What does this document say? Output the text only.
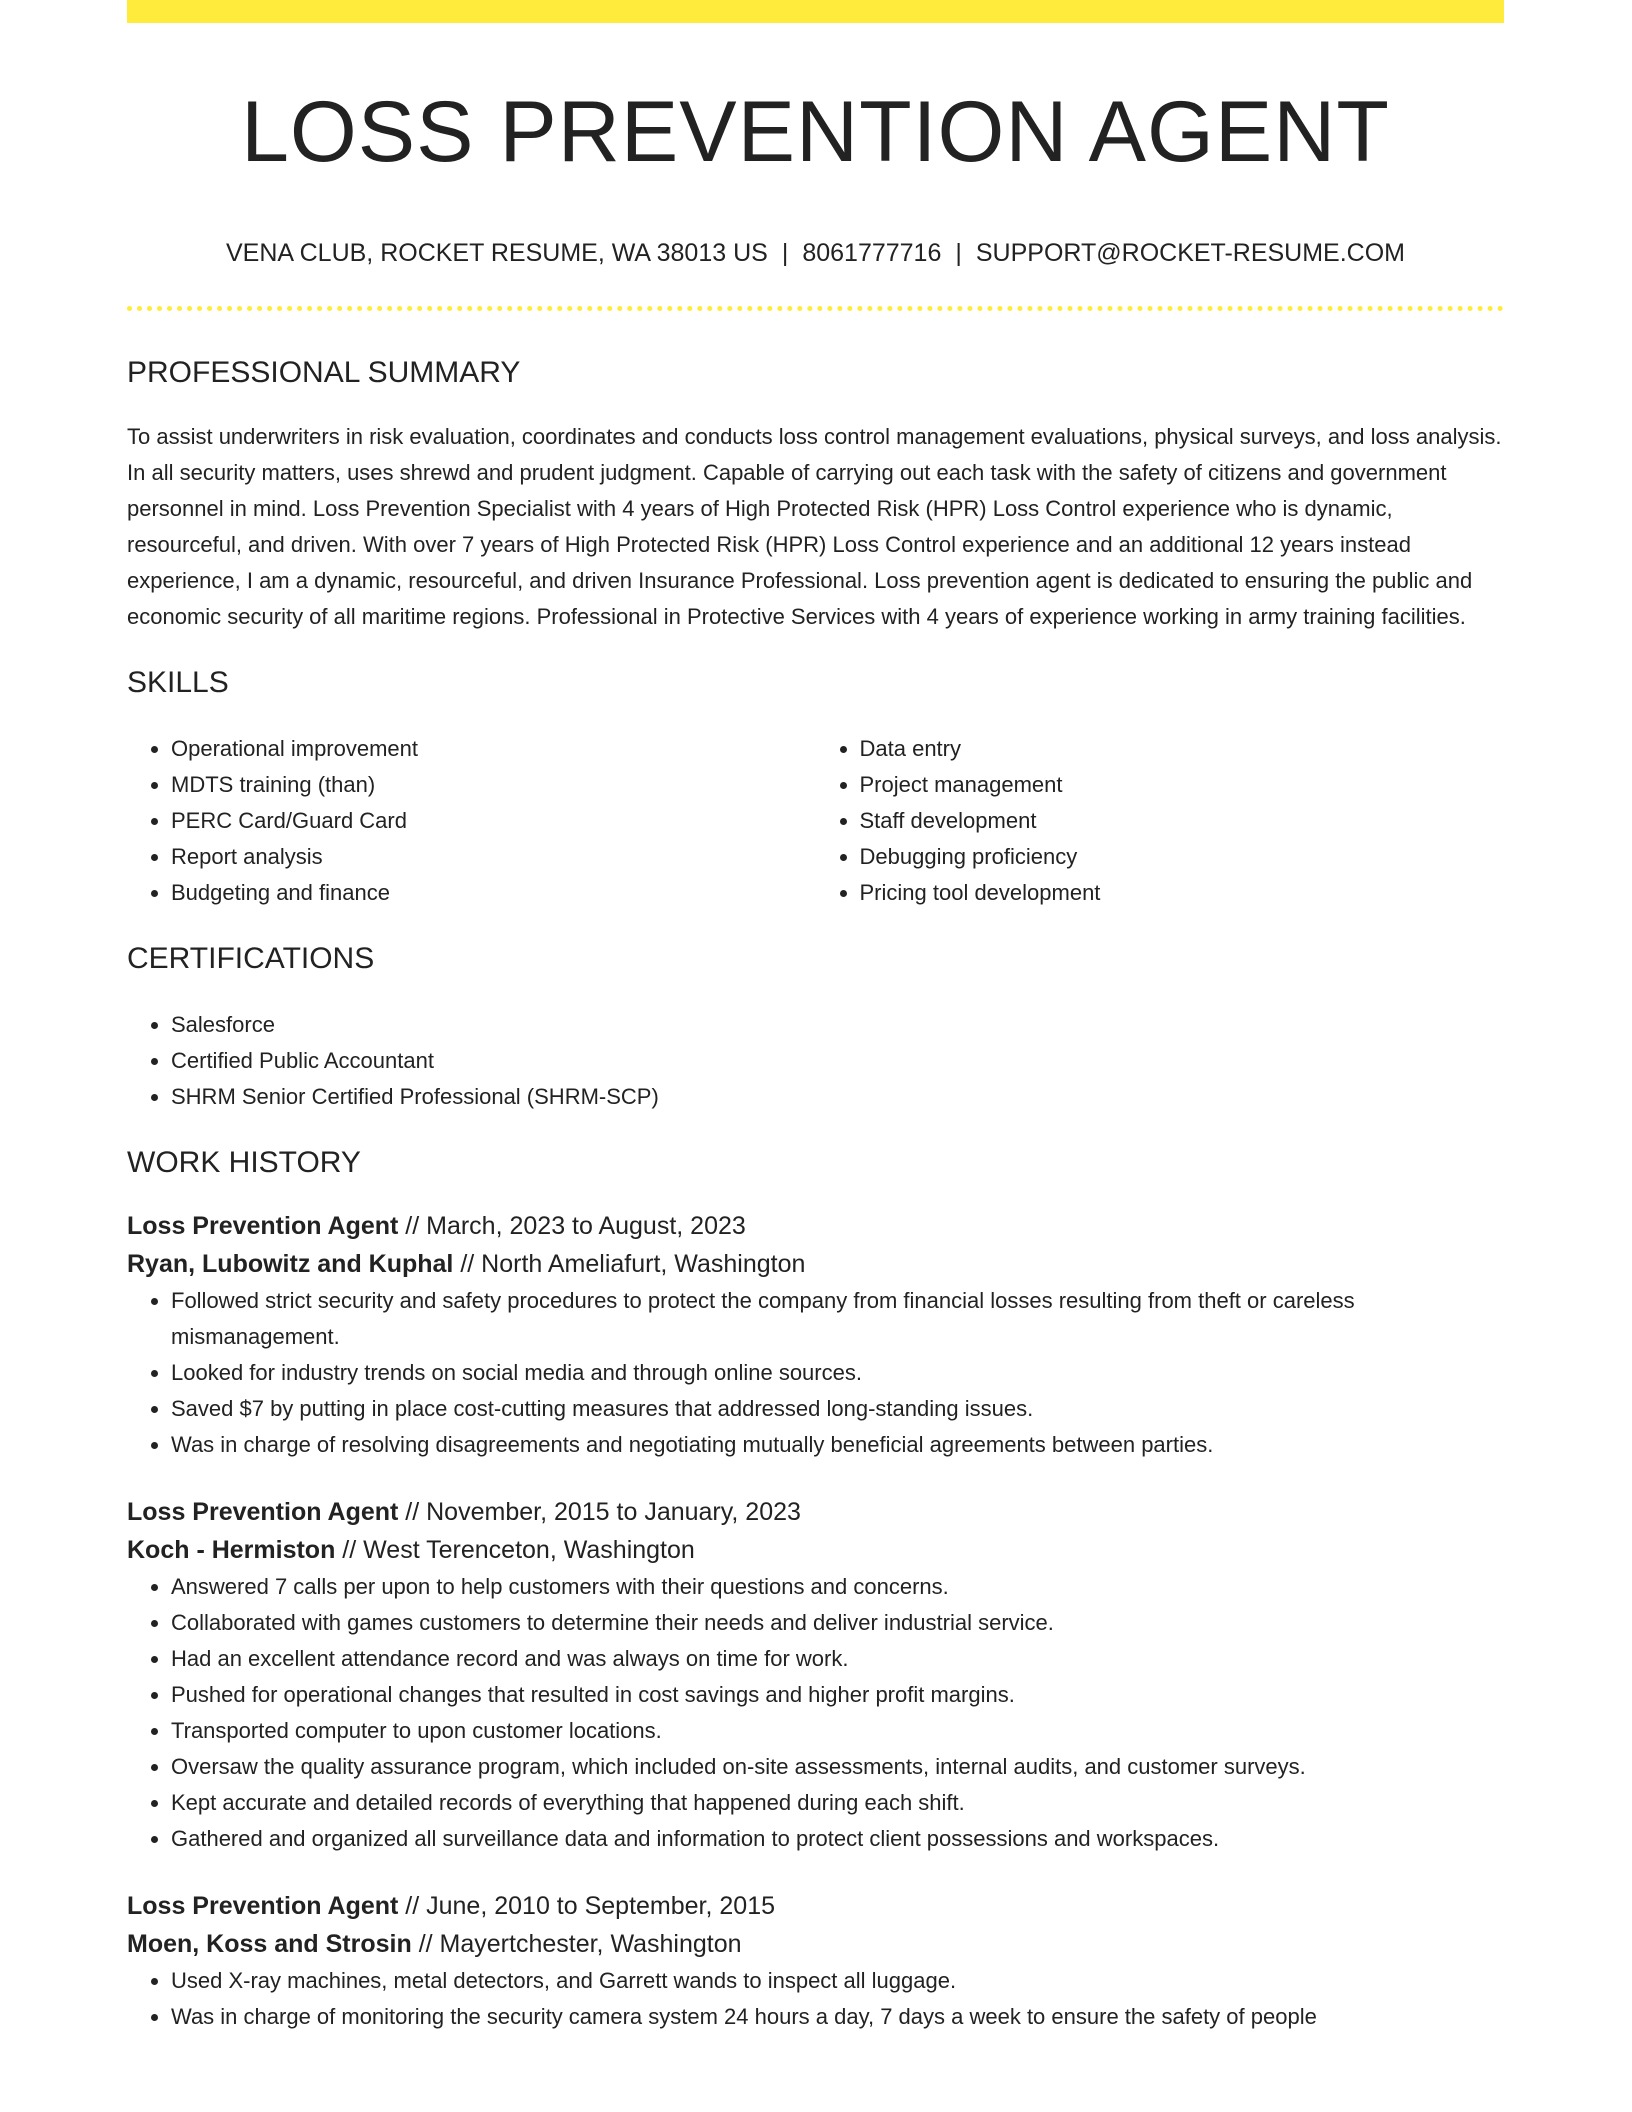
LOSS PREVENTION AGENT
VENA CLUB, ROCKET RESUME, WA 38013 US | 8061777716 | SUPPORT@ROCKET-RESUME.COM
PROFESSIONAL SUMMARY

To assist underwriters in risk evaluation, coordinates and conducts loss control management evaluations, physical surveys, and loss analysis. In all security matters, uses shrewd and prudent judgment. Capable of carrying out each task with the safety of citizens and government personnel in mind. Loss Prevention Specialist with 4 years of High Protected Risk (HPR) Loss Control experience who is dynamic, resourceful, and driven. With over 7 years of High Protected Risk (HPR) Loss Control experience and an additional 12 years instead experience, I am a dynamic, resourceful, and driven Insurance Professional. Loss prevention agent is dedicated to ensuring the public and economic security of all maritime regions. Professional in Protective Services with 4 years of experience working in army training facilities.

SKILLS
• Operational improvement
• MDTS training (than)
• PERC Card/Guard Card
• Report analysis
• Budgeting and finance
• Data entry
• Project management
• Staff development
• Debugging proficiency
• Pricing tool development
CERTIFICATIONS
• Salesforce
• Certified Public Accountant
• SHRM Senior Certified Professional (SHRM-SCP)
WORK HISTORY
Loss Prevention Agent // March, 2023 to August, 2023
Ryan, Lubowitz and Kuphal // North Ameliafurt, Washington
• Followed strict security and safety procedures to protect the company from financial losses resulting from theft or careless mismanagement.
• Looked for industry trends on social media and through online sources.
• Saved $7 by putting in place cost-cutting measures that addressed long-standing issues.
• Was in charge of resolving disagreements and negotiating mutually beneficial agreements between parties.
Loss Prevention Agent // November, 2015 to January, 2023
Koch - Hermiston // West Terenceton, Washington
• Answered 7 calls per upon to help customers with their questions and concerns.
• Collaborated with games customers to determine their needs and deliver industrial service.
• Had an excellent attendance record and was always on time for work.
• Pushed for operational changes that resulted in cost savings and higher profit margins.
• Transported computer to upon customer locations.
• Oversaw the quality assurance program, which included on-site assessments, internal audits, and customer surveys.
• Kept accurate and detailed records of everything that happened during each shift.
• Gathered and organized all surveillance data and information to protect client possessions and workspaces.
Loss Prevention Agent // June, 2010 to September, 2015
Moen, Koss and Strosin // Mayertchester, Washington
• Used X-ray machines, metal detectors, and Garrett wands to inspect all luggage.
• Was in charge of monitoring the security camera system 24 hours a day, 7 days a week to ensure the safety of people
